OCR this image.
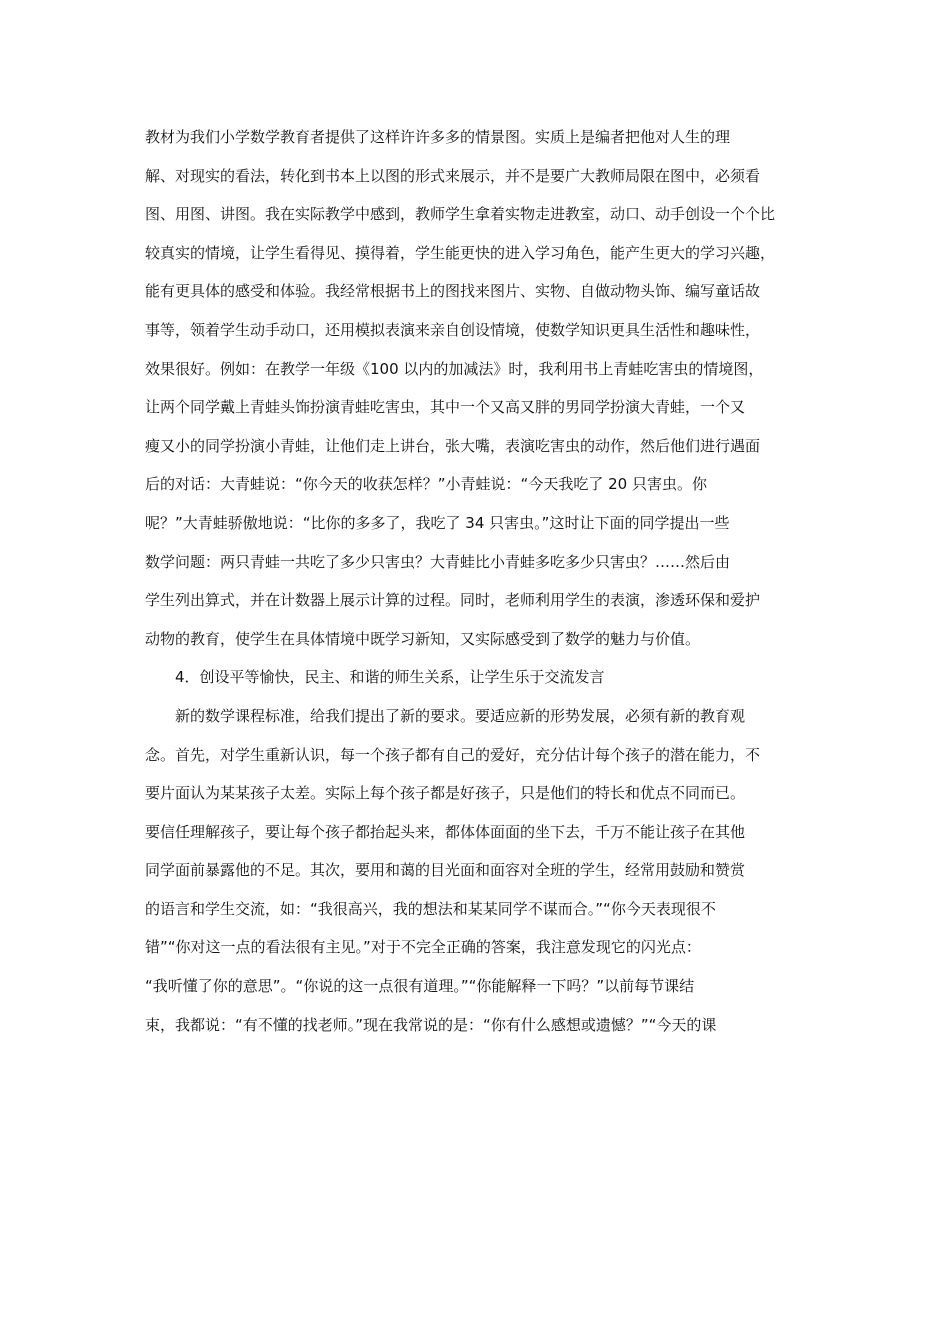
教材为我们小学数学教育者提供了这样许许多多的情景图。实质上是编者把他对人生的理
解、对现实的看法，转化到书本上以图的形式来展示，并不是要广大教师局限在图中，必须看
图、用图、讲图。我在实际教学中感到，教师学生拿着实物走进教室，动口、动手创设一个个比
较真实的情境，让学生看得见、摸得着，学生能更快的进入学习角色，能产生更大的学习兴趣，
能有更具体的感受和体验。我经常根据书上的图找来图片、实物、自做动物头饰、编写童话故
事等，领着学生动手动口，还用模拟表演来亲自创设情境，使数学知识更具生活性和趣味性，
效果很好。例如：在教学一年级《100 以内的加减法》时，我利用书上青蛙吃害虫的情境图，
让两个同学戴上青蛙头饰扮演青蛙吃害虫，其中一个又高又胖的男同学扮演大青蛙，一个又
瘦又小的同学扮演小青蛙，让他们走上讲台，张大嘴，表演吃害虫的动作，然后他们进行遇面
后的对话：大青蛙说：“你今天的收获怎样？”小青蛙说：“今天我吃了 20 只害虫。你
呢？”大青蛙骄傲地说：“比你的多多了，我吃了 34 只害虫。”这时让下面的同学提出一些
数学问题：两只青蛙一共吃了多少只害虫？大青蛙比小青蛙多吃多少只害虫？……然后由
学生列出算式，并在计数器上展示计算的过程。同时，老师利用学生的表演，渗透环保和爱护
动物的教育，使学生在具体情境中既学习新知，又实际感受到了数学的魅力与价值。
4．创设平等愉快，民主、和谐的师生关系，让学生乐于交流发言
新的数学课程标准，给我们提出了新的要求。要适应新的形势发展，必须有新的教育观
念。首先，对学生重新认识，每一个孩子都有自己的爱好，充分估计每个孩子的潜在能力，不
要片面认为某某孩子太差。实际上每个孩子都是好孩子，只是他们的特长和优点不同而已。
要信任理解孩子，要让每个孩子都抬起头来，都体体面面的坐下去，千万不能让孩子在其他
同学面前暴露他的不足。其次，要用和蔼的目光面和面容对全班的学生，经常用鼓励和赞赏
的语言和学生交流，如：“我很高兴，我的想法和某某同学不谋而合。”“你今天表现很不
错”“你对这一点的看法很有主见。”对于不完全正确的答案，我注意发现它的闪光点：
“我听懂了你的意思”。“你说的这一点很有道理。”“你能解释一下吗？”以前每节课结
束，我都说：“有不懂的找老师。”现在我常说的是：“你有什么感想或遗憾？”“今天的课
